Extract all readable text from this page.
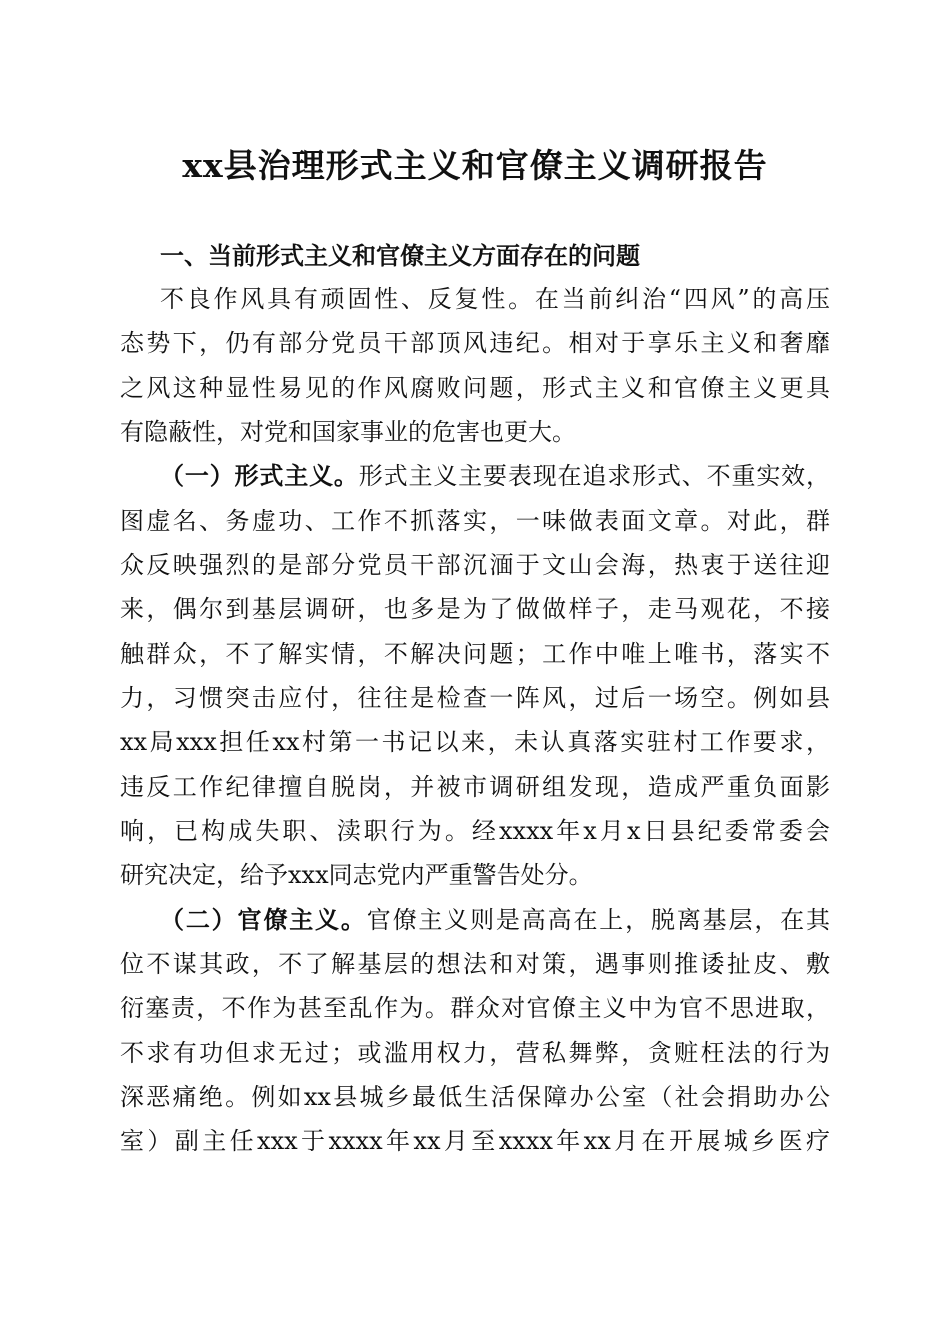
xx县治理形式主义和官僚主义调研报告
一、当前形式主义和官僚主义方面存在的问题
不良作风具有顽固性、反复性。在当前纠治“四风”的高压
态势下，仍有部分党员干部顶风违纪。相对于享乐主义和奢靡
之风这种显性易见的作风腐败问题，形式主义和官僚主义更具
有隐蔽性，对党和国家事业的危害也更大。
（一）形式主义。形式主义主要表现在追求形式、不重实效，
图虚名、务虚功、工作不抓落实，一味做表面文章。对此，群
众反映强烈的是部分党员干部沉湎于文山会海，热衷于送往迎
来，偶尔到基层调研，也多是为了做做样子，走马观花，不接
触群众，不了解实情，不解决问题；工作中唯上唯书，落实不
力，习惯突击应付，往往是检查一阵风，过后一场空。例如县
xx局xxx担任xx村第一书记以来，未认真落实驻村工作要求，
违反工作纪律擅自脱岗，并被市调研组发现，造成严重负面影
响，已构成失职、渎职行为。经xxxx年x月x日县纪委常委会
研究决定，给予xxx同志党内严重警告处分。
（二）官僚主义。官僚主义则是高高在上，脱离基层，在其
位不谋其政，不了解基层的想法和对策，遇事则推诿扯皮、敷
衍塞责，不作为甚至乱作为。群众对官僚主义中为官不思进取，
不求有功但求无过；或滥用权力，营私舞弊，贪赃枉法的行为
深恶痛绝。例如xx县城乡最低生活保障办公室（社会捐助办公
室）副主任xxx于xxxx年xx月至xxxx年xx月在开展城乡医疗
